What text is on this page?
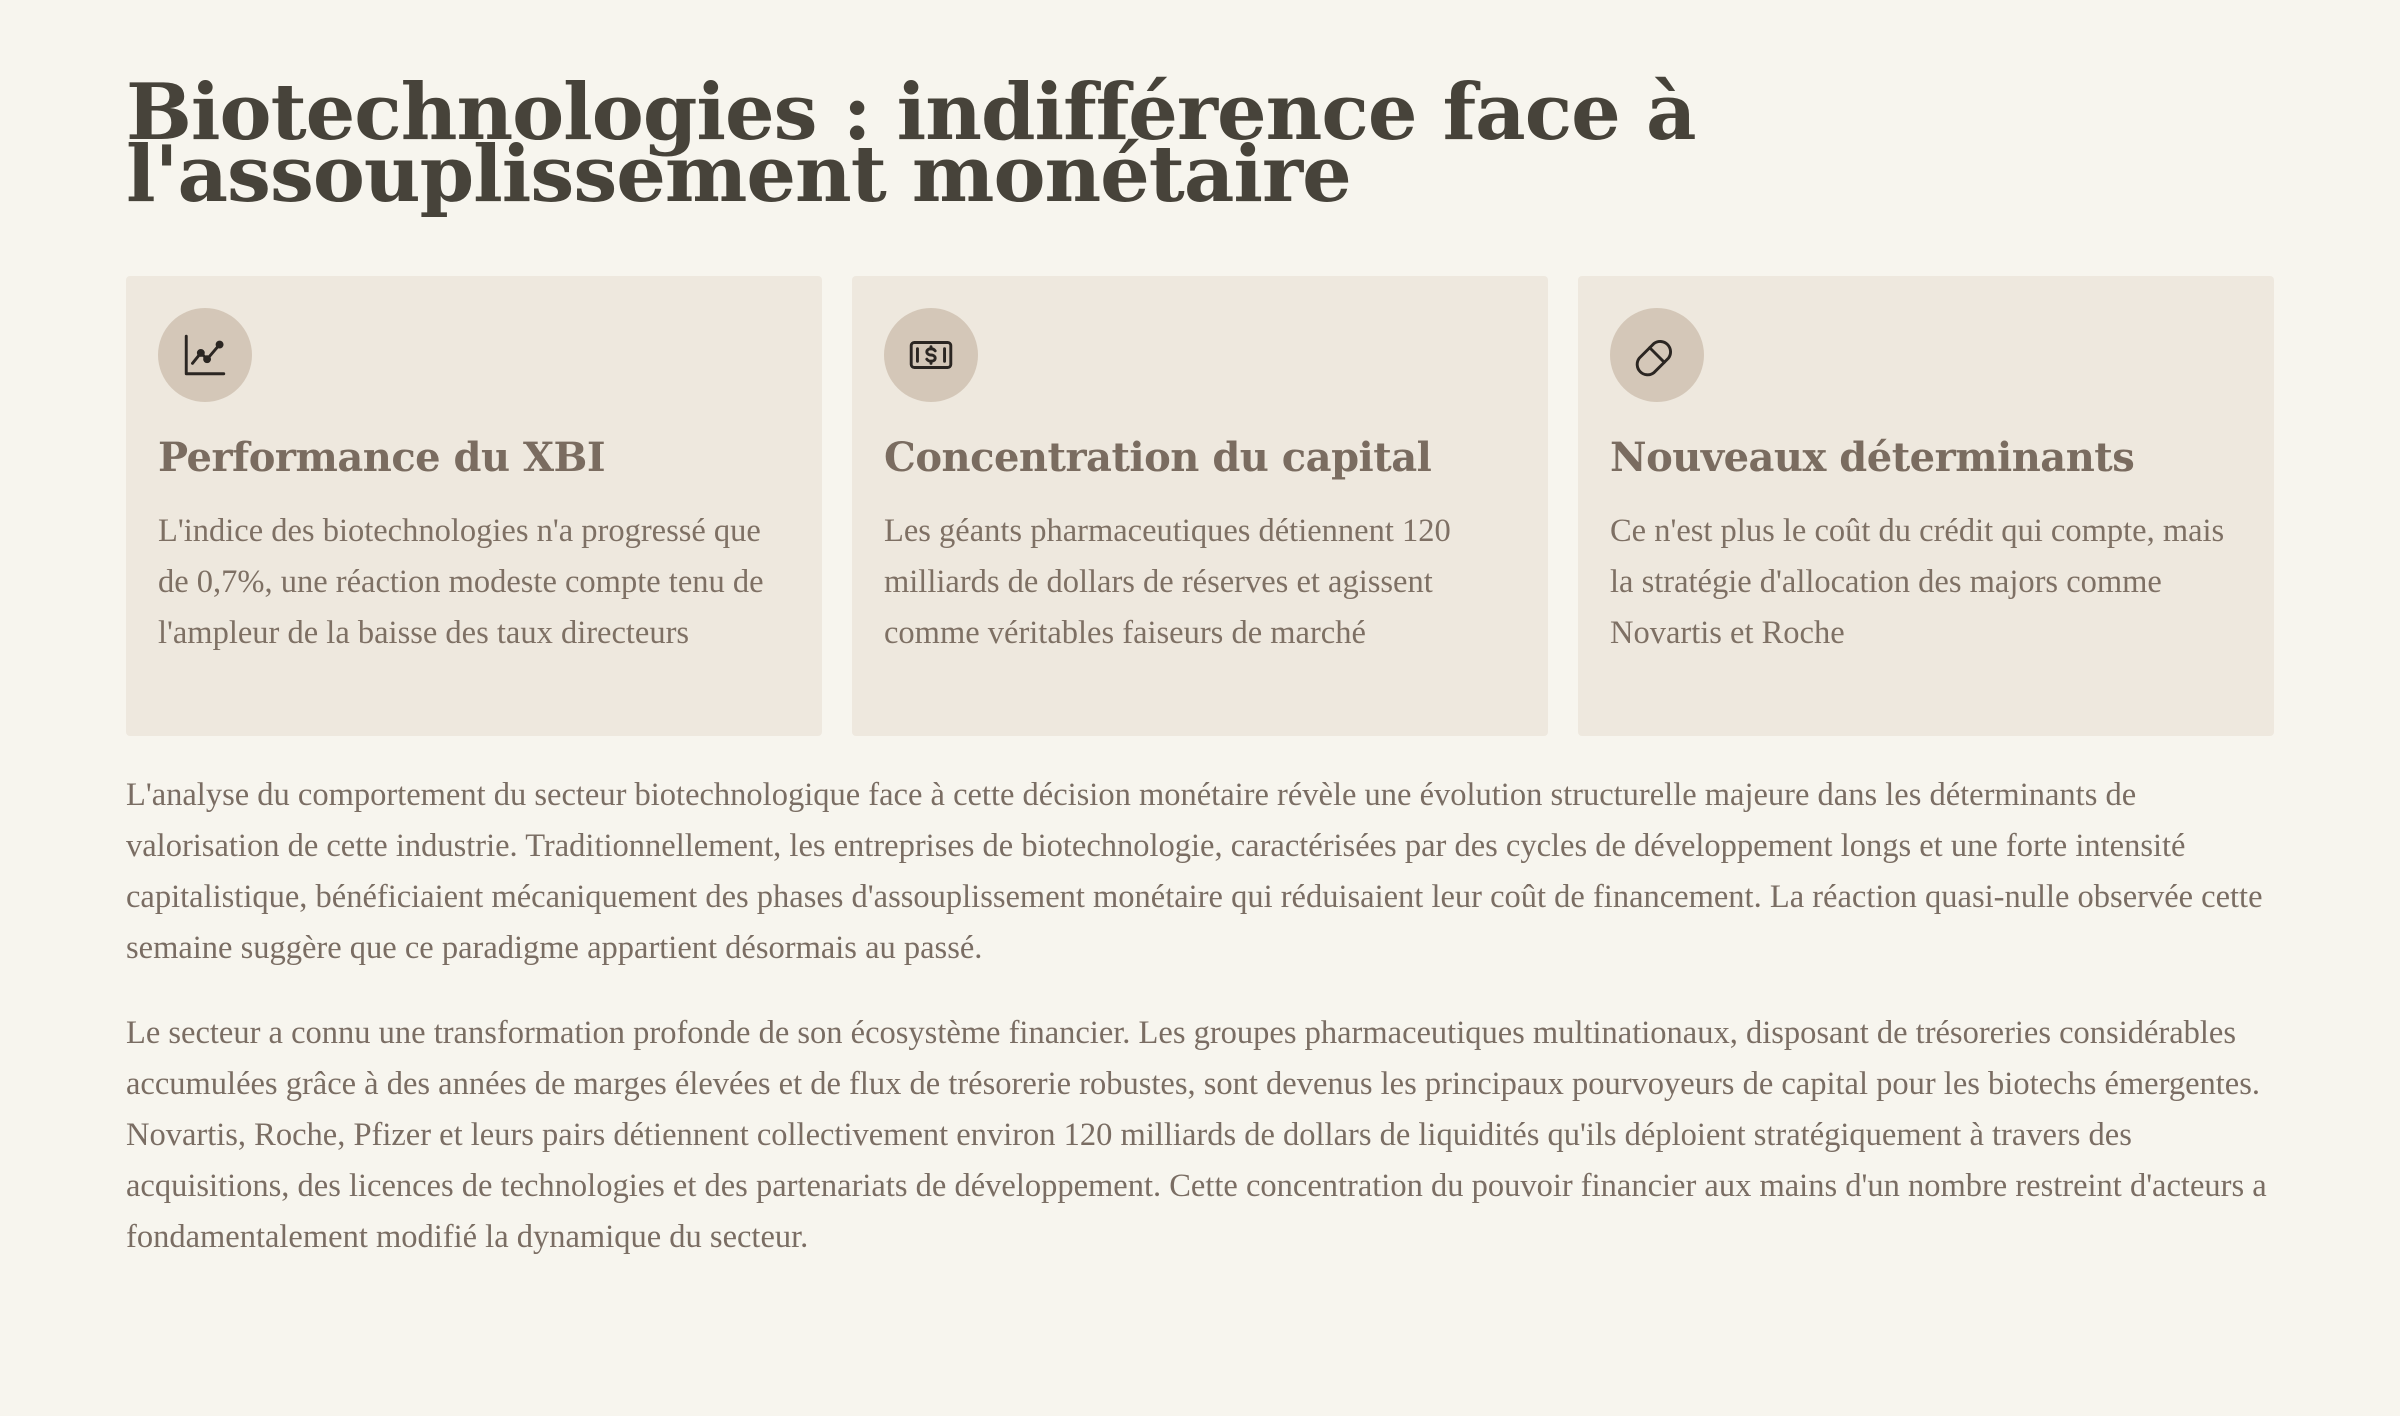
Biotechnologies : indifférence face à l'assouplissement monétaire
Performance du XBI

L'indice des biotechnologies n'a progressé que de 0,7%, une réaction modeste compte tenu de l'ampleur de la baisse des taux directeurs

Concentration du capital

Les géants pharmaceutiques détiennent 120 milliards de dollars de réserves et agissent comme véritables faiseurs de marché

Nouveaux déterminants

Ce n'est plus le coût du crédit qui compte, mais la stratégie d'allocation des majors comme Novartis et Roche

L'analyse du comportement du secteur biotechnologique face à cette décision monétaire révèle une évolution structurelle majeure dans les déterminants de valorisation de cette industrie. Traditionnellement, les entreprises de biotechnologie, caractérisées par des cycles de développement longs et une forte intensité capitalistique, bénéficiaient mécaniquement des phases d'assouplissement monétaire qui réduisaient leur coût de financement. La réaction quasi-nulle observée cette semaine suggère que ce paradigme appartient désormais au passé.

Le secteur a connu une transformation profonde de son écosystème financier. Les groupes pharmaceutiques multinationaux, disposant de trésoreries considérables accumulées grâce à des années de marges élevées et de flux de trésorerie robustes, sont devenus les principaux pourvoyeurs de capital pour les biotechs émergentes. Novartis, Roche, Pfizer et leurs pairs détiennent collectivement environ 120 milliards de dollars de liquidités qu'ils déploient stratégiquement à travers des acquisitions, des licences de technologies et des partenariats de développement. Cette concentration du pouvoir financier aux mains d'un nombre restreint d'acteurs a fondamentalement modifié la dynamique du secteur.
